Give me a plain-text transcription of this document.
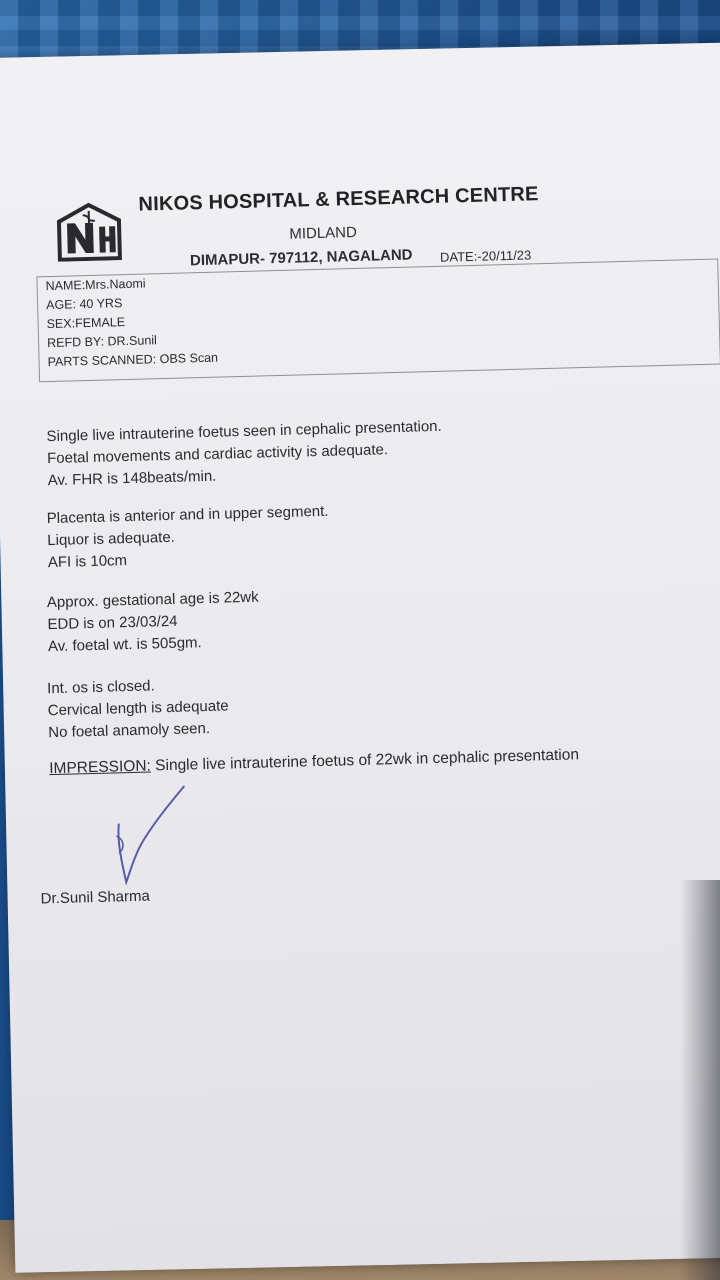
NIKOS HOSPITAL & RESEARCH CENTRE
MIDLAND
DIMAPUR- 797112, NAGALAND DATE:-20/11/23
NAME:Mrs.Naomi
AGE: 40 YRS
SEX:FEMALE
REFD BY: DR.Sunil
PARTS SCANNED: OBS Scan
Single live intrauterine foetus seen in cephalic presentation.
Foetal movements and cardiac activity is adequate.
Av. FHR is 148beats/min.
Placenta is anterior and in upper segment.
Liquor is adequate.
AFI is 10cm
Approx. gestational age is 22wk
EDD is on 23/03/24
Av. foetal wt. is 505gm.
Int. os is closed.
Cervical length is adequate
No foetal anamoly seen.
IMPRESSION: Single live intrauterine foetus of 22wk in cephalic presentation
Dr.Sunil Sharma
